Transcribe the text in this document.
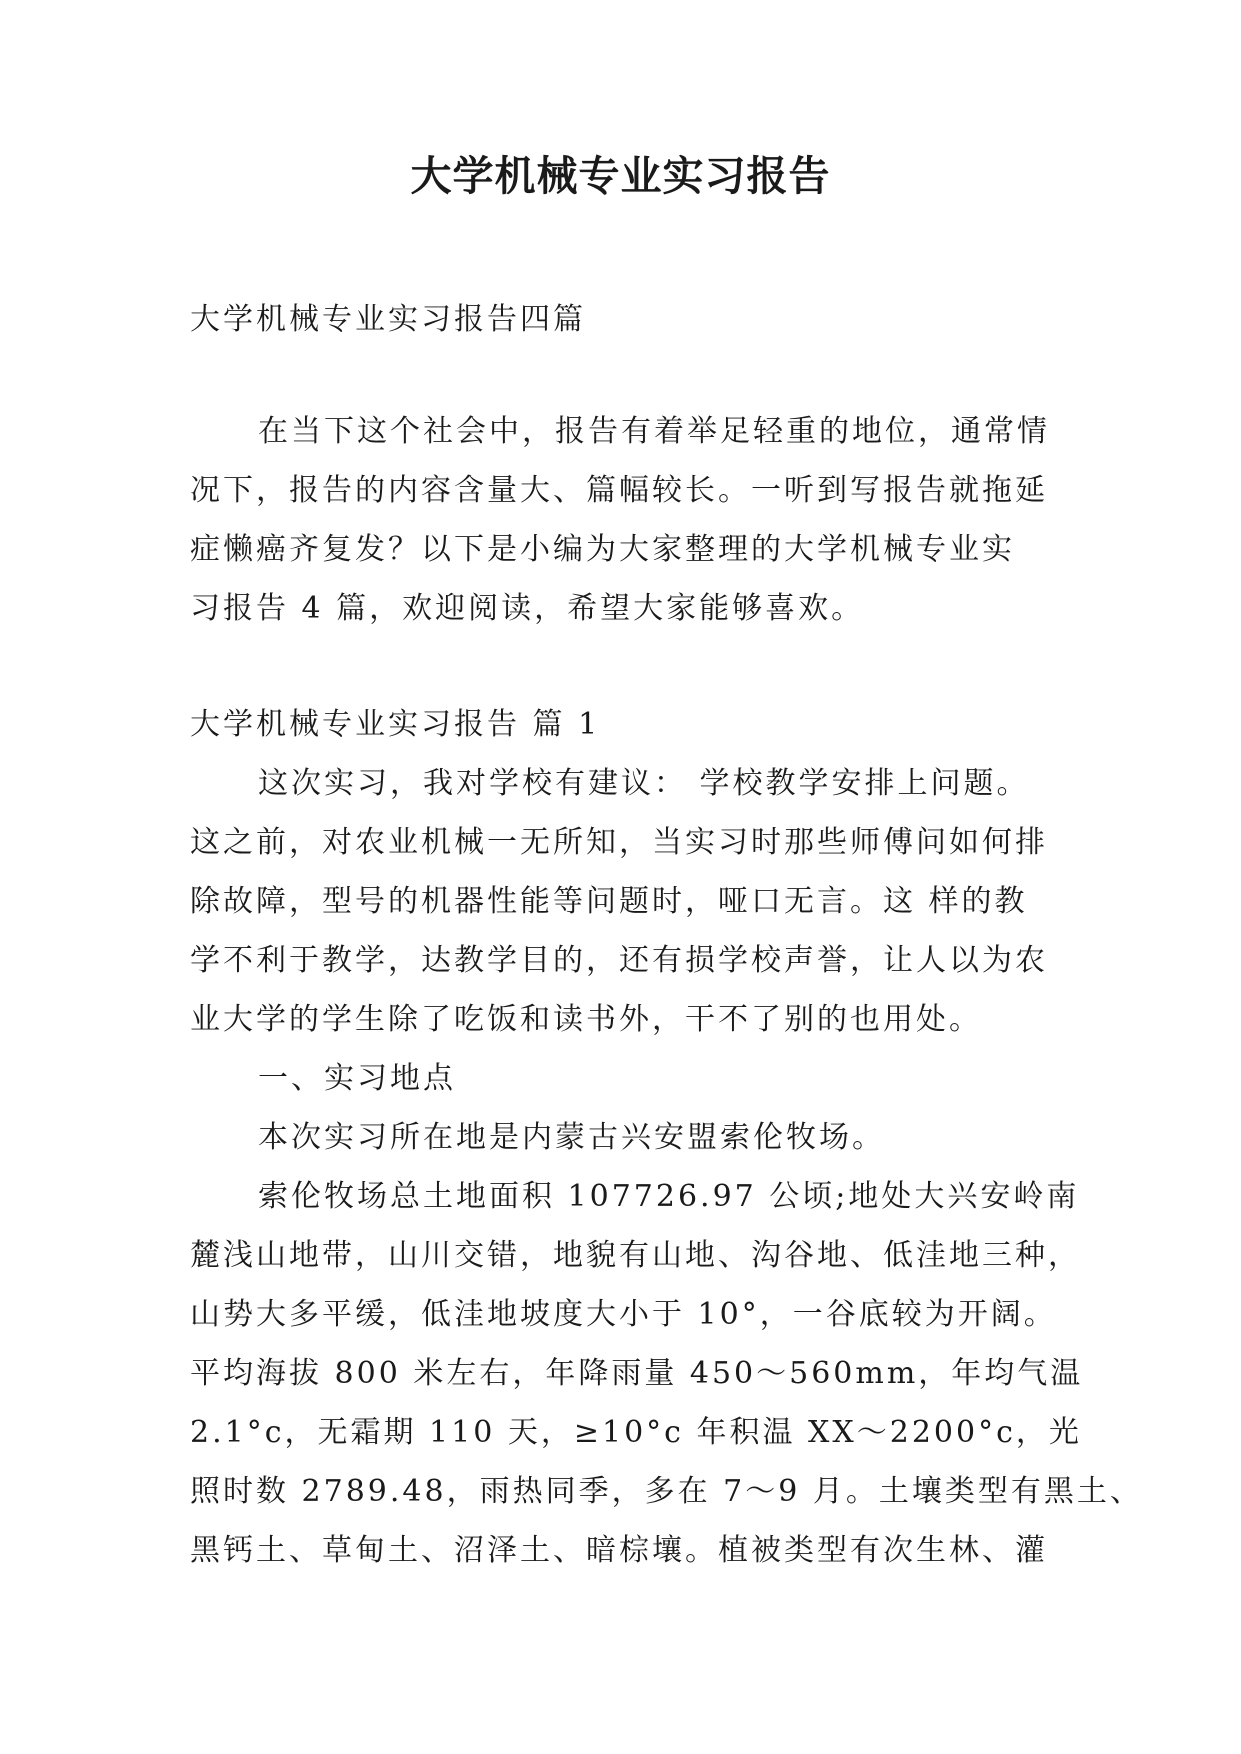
大学机械专业实习报告

大学机械专业实习报告四篇

在当下这个社会中，报告有着举足轻重的地位，通常情
况下，报告的内容含量大、篇幅较长。一听到写报告就拖延
症懒癌齐复发？以下是小编为大家整理的大学机械专业实
习报告 4 篇，欢迎阅读，希望大家能够喜欢。
大学机械专业实习报告 篇 1
这次实习，我对学校有建议： 学校教学安排上问题。
这之前，对农业机械一无所知，当实习时那些师傅问如何排
除故障，型号的机器性能等问题时，哑口无言。这 样的教
学不利于教学，达教学目的，还有损学校声誉，让人以为农
业大学的学生除了吃饭和读书外，干不了别的也用处。
一、实习地点
本次实习所在地是内蒙古兴安盟索伦牧场。
索伦牧场总土地面积 107726.97 公顷;地处大兴安岭南
麓浅山地带，山川交错，地貌有山地、沟谷地、低洼地三种，
山势大多平缓，低洼地坡度大小于 10°，一谷底较为开阔。
平均海拔 800 米左右，年降雨量 450～560mm，年均气温
2.1°c，无霜期 110 天，≥10°c 年积温 XX～2200°c，光
照时数 2789.48，雨热同季，多在 7～9 月。土壤类型有黑土、
黑钙土、草甸土、沼泽土、暗棕壤。植被类型有次生林、灌
